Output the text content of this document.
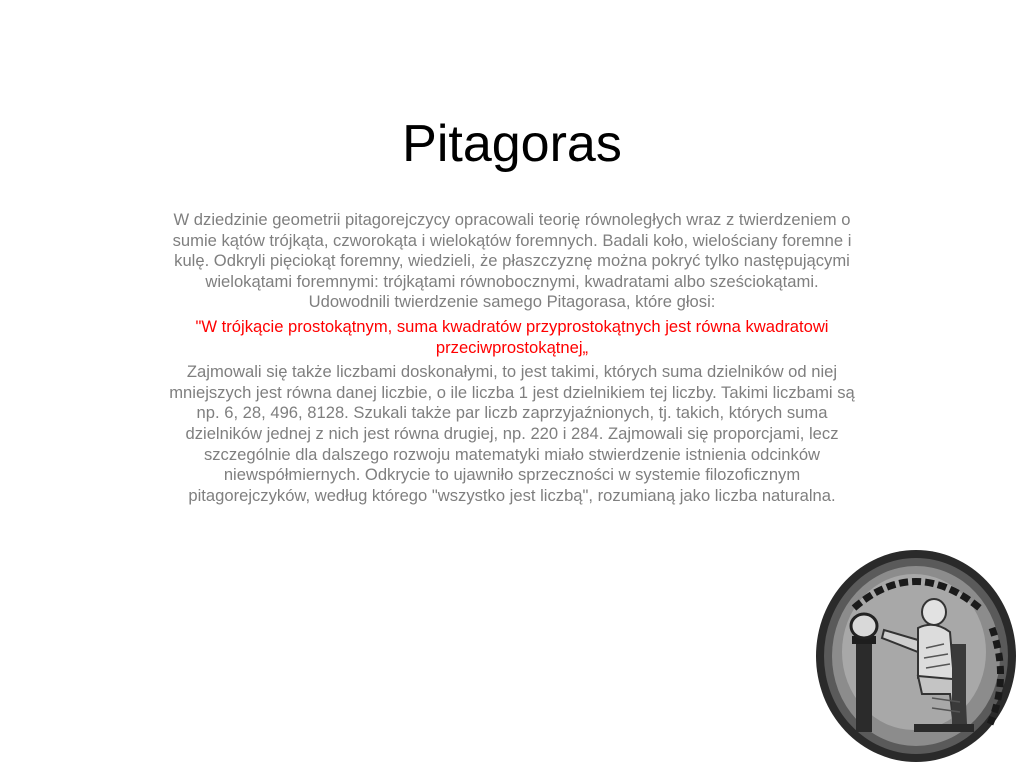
Pitagoras

W dziedzinie geometrii pitagorejczycy opracowali teorię równoległych wraz z twierdzeniem o sumie kątów trójkąta, czworokąta i wielokątów foremnych. Badali koło, wielościany foremne i kulę. Odkryli pięciokąt foremny, wiedzieli, że płaszczyznę można pokryć tylko następującymi wielokątami foremnymi: trójkątami równobocznymi, kwadratami albo sześciokątami. Udowodnili twierdzenie samego Pitagorasa, które głosi:

"W trójkącie prostokątnym, suma kwadratów przyprostokątnych jest równa kwadratowi przeciwprostokątnej„

Zajmowali się także liczbami doskonałymi, to jest takimi, których suma dzielników od niej mniejszych jest równa danej liczbie, o ile liczba 1 jest dzielnikiem tej liczby. Takimi liczbami są np. 6, 28, 496, 8128. Szukali także par liczb zaprzyjaźnionych, tj. takich, których suma dzielników jednej z nich jest równa drugiej, np. 220 i 284. Zajmowali się proporcjami, lecz szczególnie dla dalszego rozwoju matematyki miało stwierdzenie istnienia odcinków niewspółmiernych. Odkrycie to ujawniło sprzeczności w systemie filozoficznym pitagorejczyków, według którego "wszystko jest liczbą", rozumianą jako liczba naturalna.
